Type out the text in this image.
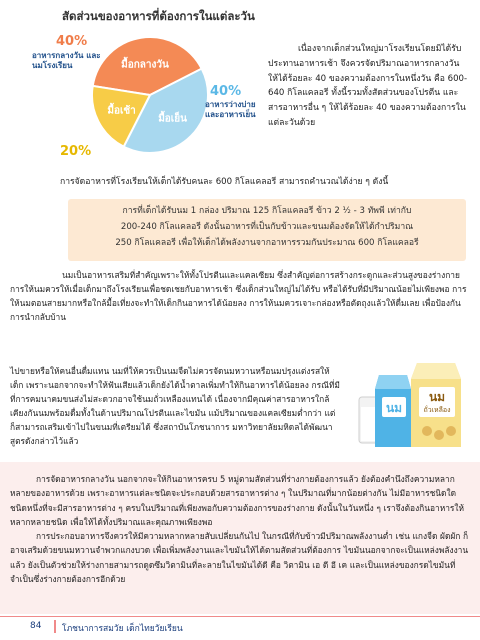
สัดส่วนของอาหารที่ต้องการในแต่ละวัน
มื้อกลางวัน
มื้อเย็น
มื้อเช้า
40%
อาหารกลางวัน และนมโรงเรียน
40%
อาหารว่างบ่าย และอาหารเย็น
20%
เนื่องจากเด็กส่วนใหญ่มาโรงเรียนโดยมิได้รับประทานอาหารเช้า จึงควรจัดปริมาณอาหารกลางวันให้ได้ร้อยละ 40 ของความต้องการในหนึ่งวัน คือ 600-640 กิโลแคลอรี ทั้งนี้รวมทั้งสัดส่วนของโปรตีน และสารอาหารอื่น ๆ ให้ได้ร้อยละ 40 ของความต้องการในแต่ละวันด้วย
การจัดอาหารที่โรงเรียนให้เด็กได้รับคนละ 600 กิโลแคลอรี สามารถคำนวณได้ง่าย ๆ ดังนี้
การที่เด็กได้รับนม 1 กล่อง ปริมาณ 125 กิโลแคลอรี ข้าว 2 ½ - 3 ทัพพี เท่ากับ
200-240 กิโลแคลอรี ดังนั้นอาหารที่เป็นกับข้าวและขนมต้องจัดให้ได้กำปริมาณ
250 กิโลแคลอรี เพื่อให้เด็กได้พลังงานจากอาหารรวมกันประมาณ 600 กิโลแคลอรี
นมเป็นอาหารเสริมที่สำคัญเพราะให้ทั้งโปรตีนและแคลเซียม ซึ่งสำคัญต่อการสร้างกระดูกและส่วนสูงของร่างกาย การให้นมควรให้เมื่อเด็กมาถึงโรงเรียนเพื่อชดเชยกับอาหารเช้า ซึ่งเด็กส่วนใหญ่ไม่ได้รับ หรือได้รับที่มีปริมาณน้อยไม่เพียงพอ การให้นมตอนสายมากหรือใกล้มื้อเที่ยงจะทำให้เด็กกินอาหารได้น้อยลง การให้นมควรเจาะกล่องหรือตัดถุงแล้วให้ดื่มเลย เพื่อป้องกันการนำกลับบ้าน
ไปขายหรือให้คนอื่นดื่มแทน นมที่ให้ควรเป็นนมจืดไม่ควรจัดนมหวานหรือนมปรุงแต่งรสให้เด็ก เพราะนอกจากจะทำให้ฟันเสียแล้วเด็กยังได้น้ำตาลเพิ่มทำให้กินอาหารได้น้อยลง กรณีที่มีที่การคมนาคมขนส่งไม่สะดวกอาจใช้นมถั่วเหลืองแทนได้ เนื่องจากมีคุณค่าสารอาหารใกล้เคียงกันนมพร้อมดื่มทั้งในด้านปริมาณโปรตีนและไขมัน แม้ปริมาณของแคลเซียมต่ำกว่า แต่ก็สามารถเสริมเข้าไปในขนมที่เตรียมได้ ซึ่งสถาบันโภชนาการ มหาวิทยาลัยมหิดลได้พัฒนาสูตรดังกล่าวไว้แล้ว
นม
นม
ถั่วเหลือง

การจัดอาหารกลางวัน นอกจากจะให้กินอาหารครบ 5 หมู่ตามสัดส่วนที่ร่างกายต้องการแล้ว ยังต้องคำนึงถึงความหลากหลายของอาหารด้วย เพราะอาหารแต่ละชนิดจะประกอบด้วยสารอาหารต่าง ๆ ในปริมาณที่มากน้อยต่างกัน ไม่มีอาหารชนิดใดชนิดหนึ่งที่จะมีสารอาหารต่าง ๆ ครบในปริมาณที่เพียงพอกับความต้องการของร่างกาย ดังนั้นในวันหนึ่ง ๆ เราจึงต้องกินอาหารให้หลากหลายชนิด เพื่อให้ได้ทั้งปริมาณและคุณภาพเพียงพอ

การประกอบอาหารจึงควรให้มีความหลากหลายสับเปลี่ยนกันไป ในกรณีที่กับข้าวมีปริมาณพลังงานต่ำ เช่น แกงจืด ผัดผัก ก็อาจเสริมด้วยขนมหวานจำพวกแกงบวด เพื่อเพิ่มพลังงานและไขมันให้ได้ตามสัดส่วนที่ต้องการ ไขมันนอกจากจะเป็นแหล่งพลังงานแล้ว ยังเป็นตัวช่วยให้ร่างกายสามารถดูดซึมวิตามินที่ละลายในไขมันได้ดี คือ วิตามิน เอ ดี อี เค และเป็นแหล่งของกรดไขมันที่จำเป็นซึ่งร่างกายต้องการอีกด้วย

84 โภชนาการสมวัย เด็กไทยวัยเรียน
